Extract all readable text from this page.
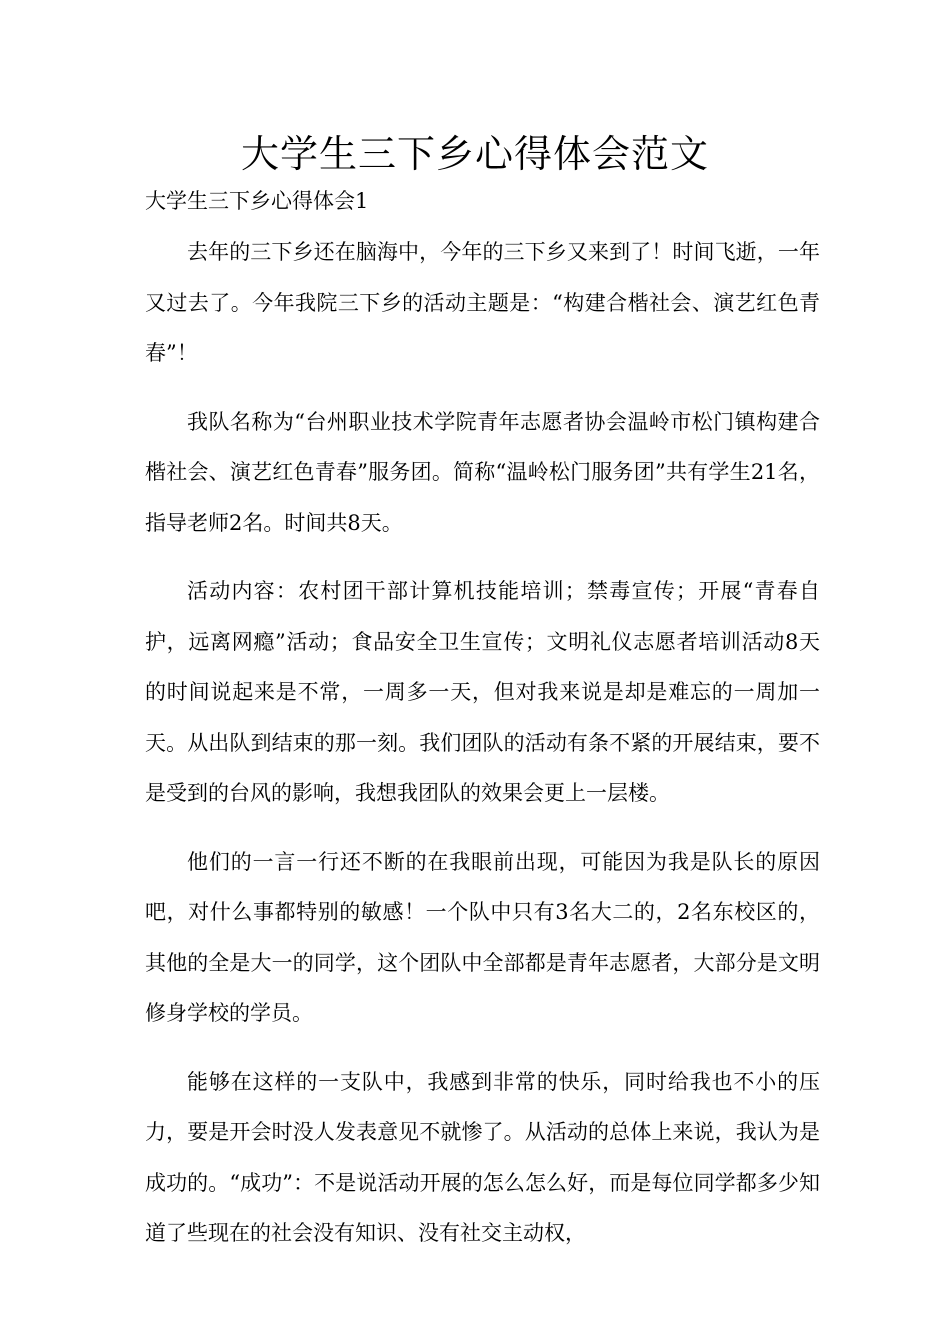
大学生三下乡心得体会范文

大学生三下乡心得体会1

去年的三下乡还在脑海中，今年的三下乡又来到了！时间飞逝，一年又过去了。今年我院三下乡的活动主题是：“构建合楷社会、演艺红色青春”！

我队名称为“台州职业技术学院青年志愿者协会温岭市松门镇构建合楷社会、演艺红色青春”服务团。简称“温岭松门服务团”共有学生21名，指导老师2名。时间共8天。

活动内容：农村团干部计算机技能培训；禁毒宣传；开展“青春自护，远离网瘾”活动；食品安全卫生宣传；文明礼仪志愿者培训活动8天的时间说起来是不常，一周多一天，但对我来说是却是难忘的一周加一天。从出队到结束的那一刻。我们团队的活动有条不紧的开展结束，要不是受到的台风的影响，我想我团队的效果会更上一层楼。

他们的一言一行还不断的在我眼前出现，可能因为我是队长的原因吧，对什么事都特别的敏感！一个队中只有3名大二的，2名东校区的，其他的全是大一的同学，这个团队中全部都是青年志愿者，大部分是文明修身学校的学员。

能够在这样的一支队中，我感到非常的快乐，同时给我也不小的压力，要是开会时没人发表意见不就惨了。从活动的总体上来说，我认为是成功的。“成功”：不是说活动开展的怎么怎么好，而是每位同学都多少知道了些现在的社会没有知识、没有社交主动权，
